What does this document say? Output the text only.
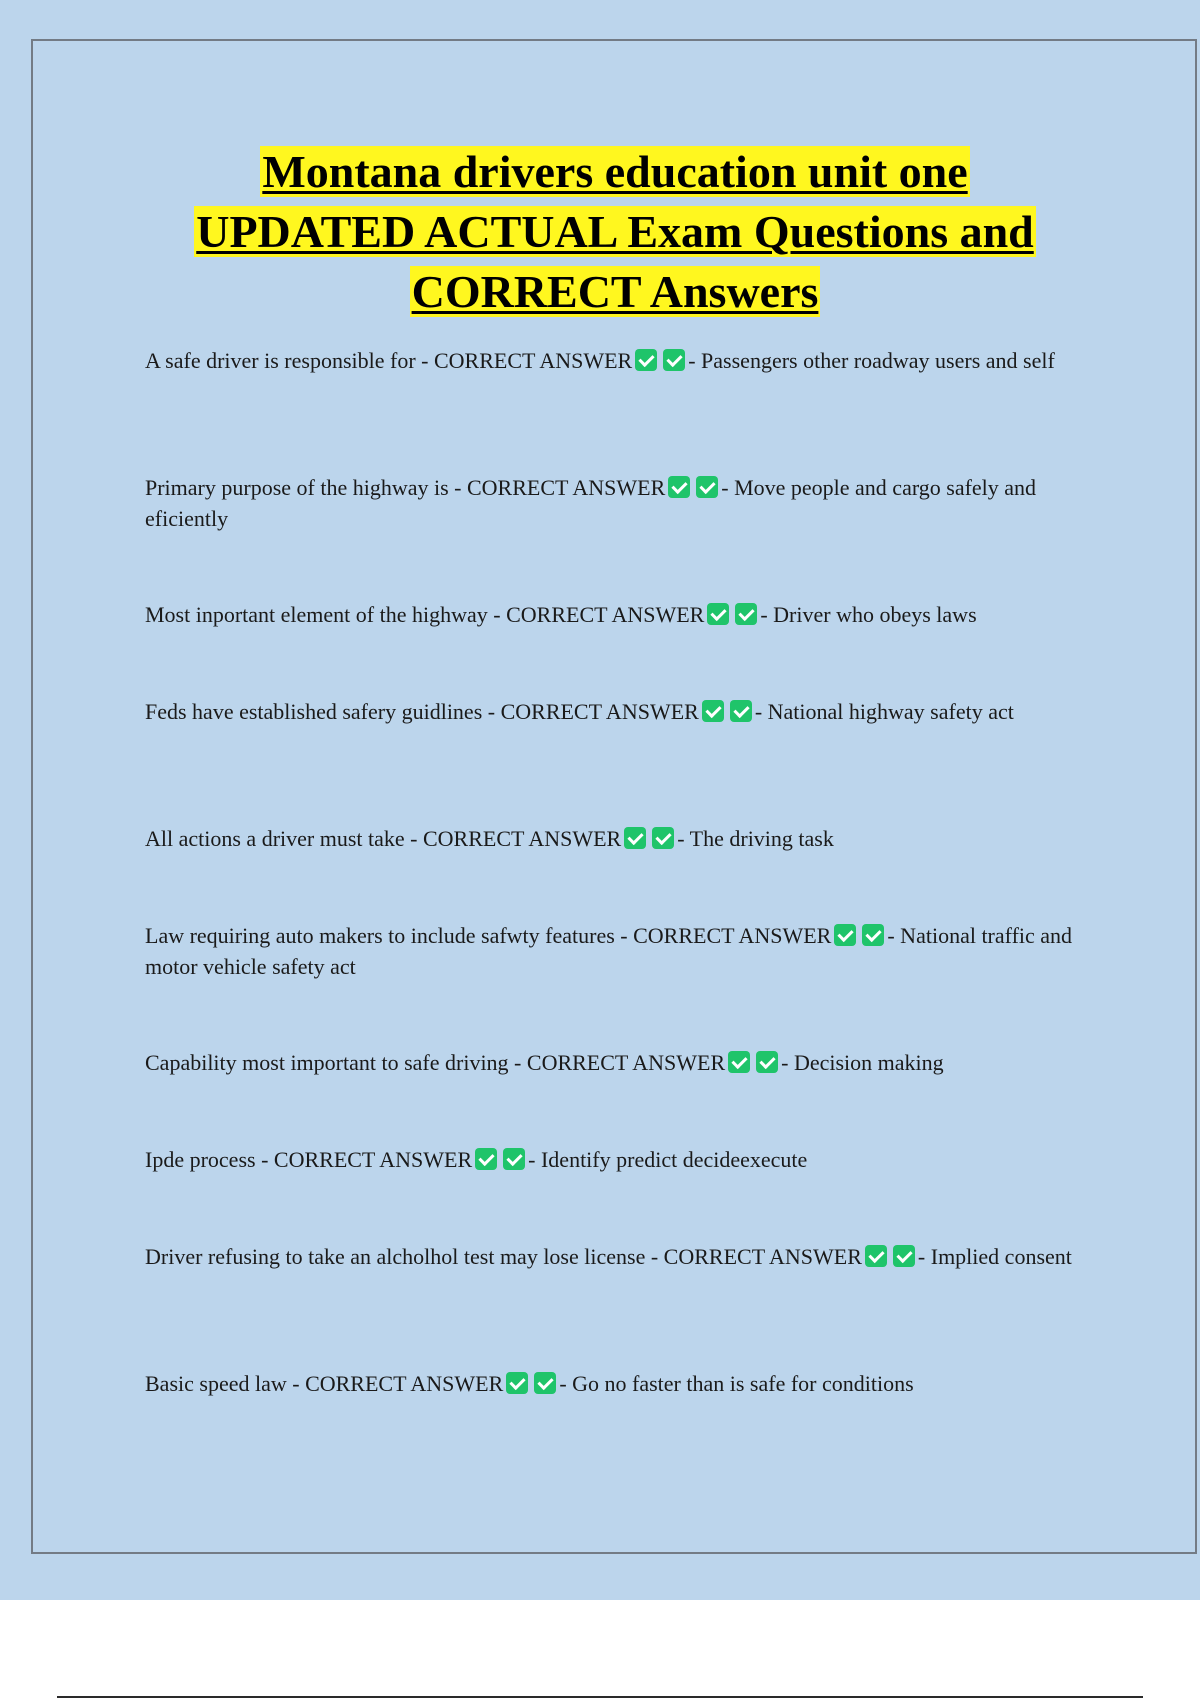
Montana drivers education unit one
UPDATED ACTUAL Exam Questions and
CORRECT Answers
A safe driver is responsible for - CORRECT ANSWER	- Passengers other roadway users and self
Primary purpose of the highway is - CORRECT ANSWER	- Move people and cargo safely and eficiently
Most inportant element of the highway - CORRECT ANSWER	- Driver who obeys laws
Feds have established safery guidlines - CORRECT ANSWER	- National highway safety act
All actions a driver must take - CORRECT ANSWER	- The driving task
Law requiring auto makers to include safwty features - CORRECT ANSWER	- National traffic and motor vehicle safety act
Capability most important to safe driving - CORRECT ANSWER	- Decision making
Ipde process - CORRECT ANSWER	- Identify predict decideexecute
Driver refusing to take an alcholhol test may lose license - CORRECT ANSWER	- Implied consent
Basic speed law - CORRECT ANSWER	- Go no faster than is safe for conditions
